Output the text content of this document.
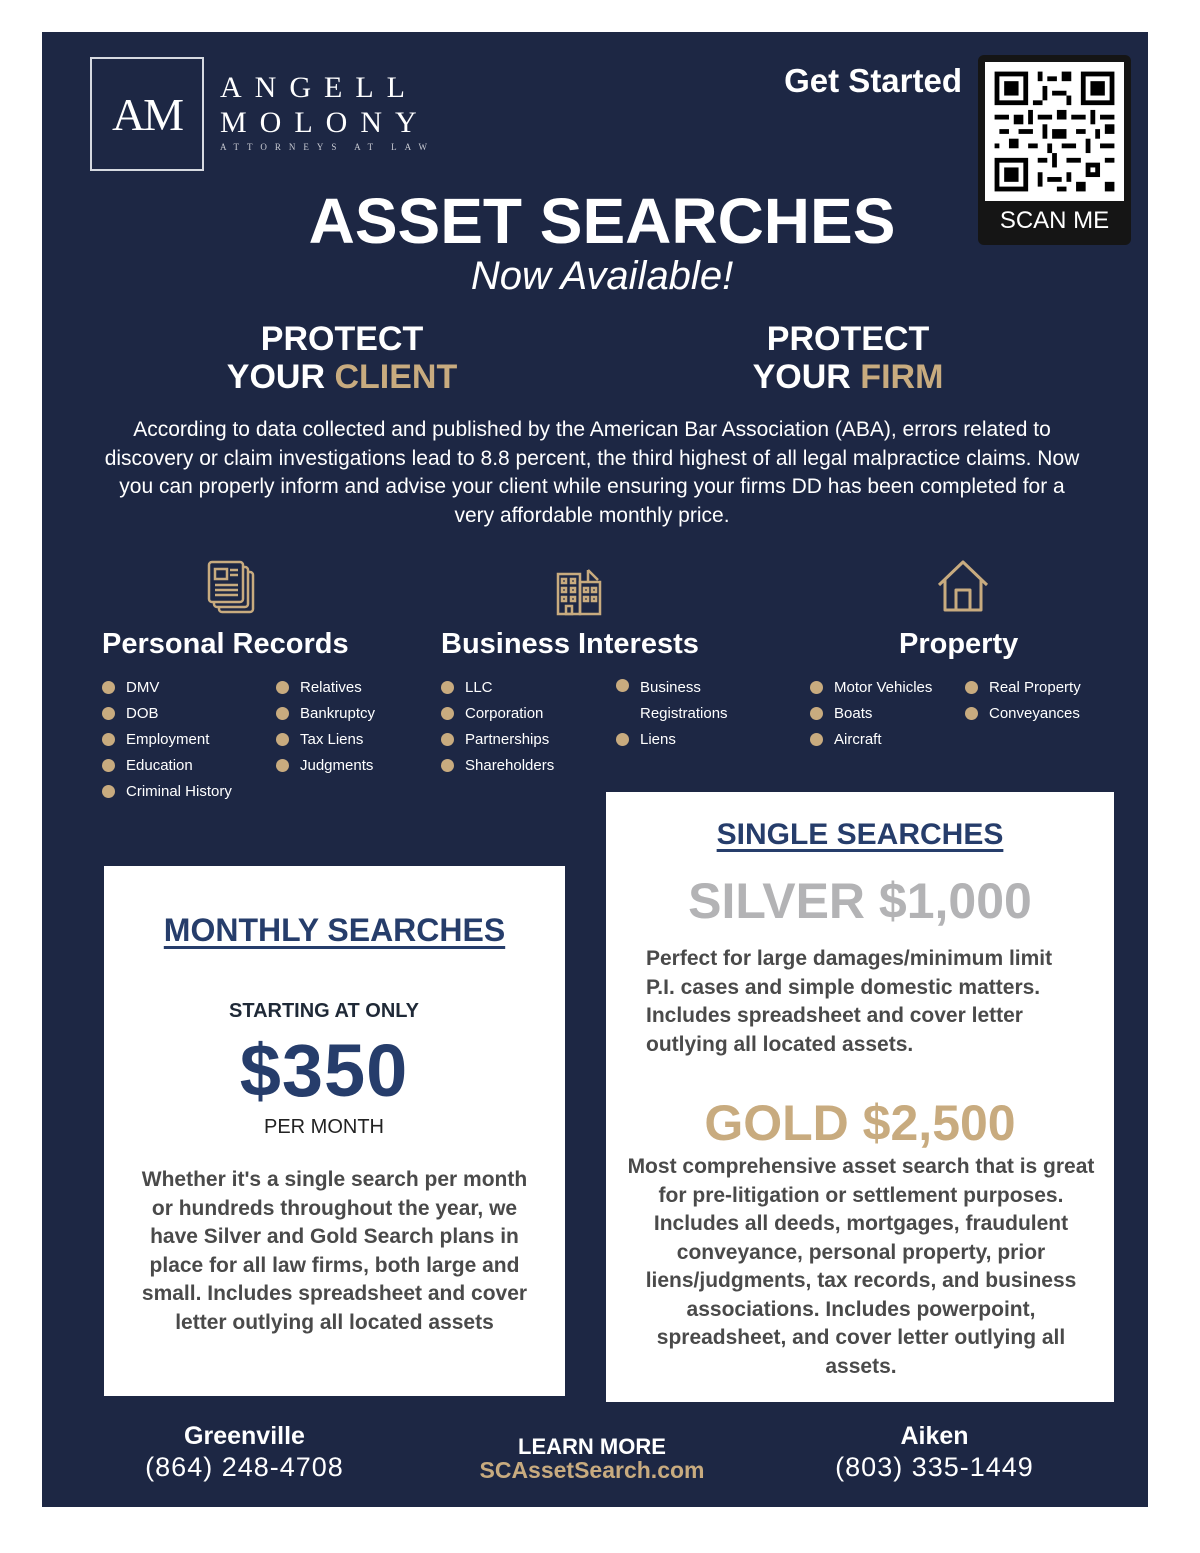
AM
ANGELL
MOLONY
ATTORNEYS AT LAW
Get Started
SCAN ME
ASSET SEARCHES
Now Available!
PROTECT
YOUR CLIENT
PROTECT
YOUR FIRM
According to data collected and published by the American Bar Association (ABA), errors related to discovery or claim investigations lead to 8.8 percent, the third highest of all legal malpractice claims. Now you can properly inform and advise your client while ensuring your firms DD has been completed for a very affordable monthly price.
Personal Records	Business Interests	Property
DMV
DOB
Employment
Education
Criminal History
Relatives
Bankruptcy
Tax Liens
Judgments
LLC
Corporation
Partnerships
Shareholders
Business Registrations
Liens
Motor Vehicles
Boats
Aircraft
Real Property
Conveyances
MONTHLY SEARCHES
STARTING AT ONLY
$350
PER MONTH
Whether it's a single search per month or hundreds throughout the year, we have Silver and Gold Search plans in place for all law firms, both large and small. Includes spreadsheet and cover letter outlying all located assets
SINGLE SEARCHES
SILVER $1,000
Perfect for large damages/minimum limit P.I. cases and simple domestic matters. Includes spreadsheet and cover letter outlying all located assets.
GOLD $2,500
Most comprehensive asset search that is great for pre-litigation or settlement purposes. Includes all deeds, mortgages, fraudulent conveyance, personal property, prior liens/judgments, tax records, and business associations. Includes powerpoint, spreadsheet, and cover letter outlying all assets.
Greenville
(864) 248-4708
LEARN MORE
SCAssetSearch.com
Aiken
(803) 335-1449
